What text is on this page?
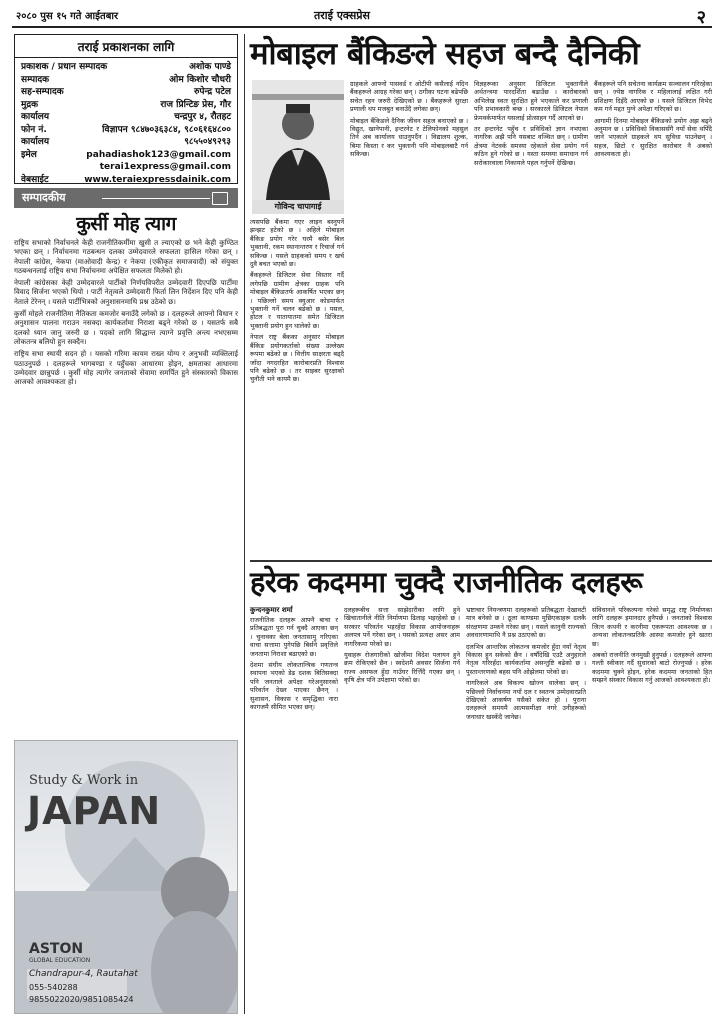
२०८० पुस १५ गते आईतबार	तराई एक्सप्रेस	२
तराई प्रकाशनका लागि
प्रकाशक / प्रधान सम्पादक	अशोक पाण्डे
सम्पादक	ओम किशोर चौधरी
सह-सम्पादक	रुपेन्द्र पटेल
मुद्रक	राज प्रिन्टिङ प्रेस, गौर
कार्यालय	चन्द्रपुर ४, रौतहट
फोन नं.	विज्ञापन ९८४७०३६३८४, ९८०६१६४८००
कार्यालय	९८५५०४९२९३
इमेल	pahadiashok123@gmail.com
terai1express@gmail.com
वेबसाईट	www.teraiexpressdainik.com
सम्पादकीय
कुर्सी मोह त्याग

राष्ट्रिय सभाको निर्वाचनले केही राजनीतिकर्मीमा खुसी त ल्याएको छ भने केही कुण्ठित भएका छन् । निर्वाचनमा गठबन्धन दलका उम्मेदवारले सफलता हासिल गरेका छन् । नेपाली कांग्रेस, नेकपा (माओवादी केन्द्र) र नेकपा (एकीकृत समाजवादी) को संयुक्त गठबन्धनलाई राष्ट्रिय सभा निर्वाचनमा अपेक्षित सफलता मिलेको हो।

नेपाली कांग्रेसका केही उम्मेदवारले पार्टीको निर्णयविपरीत उम्मेदवारी दिएपछि पार्टीमा विवाद सिर्जना भएको थियो । पार्टी नेतृत्वले उम्मेदवारी फिर्ता लिन निर्देशन दिए पनि केही नेताले टेरेनन् । यसले पार्टीभित्रको अनुशासनमाथि प्रश्न उठेको छ।

कुर्सी मोहले राजनीतिमा नैतिकता कमजोर बनाउँदै लगेको छ । दलहरूले आफ्नो विधान र अनुशासन पालना गराउन नसक्दा कार्यकर्तामा निराशा बढ्ने गरेको छ । यसतर्फ सबै दलको ध्यान जानु जरुरी छ । पदको लागि सिद्धान्त त्याग्ने प्रवृत्ति अन्त्य नभएसम्म लोकतन्त्र बलियो हुन सक्दैन।

राष्ट्रिय सभा स्थायी सदन हो । यसको गरिमा कायम राख्न योग्य र अनुभवी व्यक्तिलाई पठाउनुपर्छ । दलहरूले भागबण्डा र पहुँचका आधारमा होइन, क्षमताका आधारमा उम्मेदवार छान्नुपर्छ । कुर्सी मोह त्यागेर जनताको सेवामा समर्पित हुने संस्कारको विकास आजको आवश्यकता हो।

Study & Work in
JAPAN
ASTON
GLOBAL EDUCATION
Chandrapur-4, Rautahat
055-540288
9855022020/9851085424
मोबाइल बैंकिङले सहज बन्दै दैनिकी
गोविन्द चापागाई

त्यसपछि बैंकमा गएर लाइन बस्नुपर्ने झन्झट हटेको छ । अहिले मोबाइल बैंकिङ प्रयोग गरेर घरमै बसेर बिल भुक्तानी, रकम स्थानान्तरण र रिचार्ज गर्न सकिन्छ । यसले ग्राहकको समय र खर्च दुवै बचत भएको छ।

बैंकहरूले डिजिटल सेवा विस्तार गर्दै लगेपछि ग्रामीण क्षेत्रका ग्राहक पनि मोबाइल बैंकिङतर्फ आकर्षित भएका छन् । पछिल्लो समय क्युआर कोडमार्फत भुक्तानी गर्ने चलन बढेको छ । पसल, होटल र यातायातमा समेत डिजिटल भुक्तानी प्रयोग हुन थालेको छ।

नेपाल राष्ट्र बैंकका अनुसार मोबाइल बैंकिङ प्रयोगकर्ताको संख्या उल्लेख्य रूपमा बढेको छ । वित्तीय साक्षरता बढ्दै जाँदा नगदरहित कारोबारप्रति विश्वास पनि बढेको छ । तर साइबर सुरक्षाको चुनौती भने कायमै छ।

ग्राहकले आफ्नो पासवर्ड र ओटीपी कसैलाई नदिन बैंकहरूले आग्रह गरेका छन् । ठगीका घटना बढेपछि सचेत रहन जरुरी देखिएको छ । बैंकहरूले सुरक्षा प्रणाली थप मजबुत बनाउँदै लगेका छन्।

मोबाइल बैंकिङले दैनिक जीवन सहज बनाएको छ । विद्युत, खानेपानी, इन्टरनेट र टेलिफोनको महसुल तिर्न अब कार्यालय धाउनुपर्दैन । विद्यालय शुल्क, बिमा किस्ता र कर भुक्तानी पनि मोबाइलबाटै गर्न सकिन्छ।

विज्ञहरूका अनुसार डिजिटल भुक्तानीले अर्थतन्त्रमा पारदर्शिता बढाउँछ । कारोबारको अभिलेख स्वतः सुरक्षित हुने भएकाले कर प्रणाली पनि प्रभावकारी बन्छ । सरकारले डिजिटल नेपाल फ्रेमवर्कमार्फत यसलाई प्रोत्साहन गर्दै आएको छ।

तर इन्टरनेट पहुँच र प्रविधिको ज्ञान नभएका नागरिक अझै पनि यसबाट वञ्चित छन् । ग्रामीण क्षेत्रमा नेटवर्क समस्या रहेकाले सेवा प्रयोग गर्न कठिन हुने गरेको छ । यस्ता समस्या समाधान गर्न सरोकारवाला निकायले पहल गर्नुपर्ने देखिन्छ।

बैंकहरूले पनि सचेतना कार्यक्रम सञ्चालन गरिरहेका छन् । ज्येष्ठ नागरिक र महिलालाई लक्षित गरी प्रशिक्षण दिइँदै आएको छ । यसले डिजिटल विभेद कम गर्न मद्दत पुग्ने अपेक्षा गरिएको छ।

आगामी दिनमा मोबाइल बैंकिङको प्रयोग अझ बढ्ने अनुमान छ । प्रविधिको विकाससँगै नयाँ सेवा थपिँदै जाने भएकाले ग्राहकले थप सुविधा पाउनेछन् । सहज, छिटो र सुरक्षित कारोबार नै अबको आवश्यकता हो।

हरेक कदममा चुक्दै राजनीतिक दलहरू
कुन्दनकुमार शर्मा

राजनीतिक दलहरू आफ्नै बाचा र प्रतिबद्धता पूरा गर्न चुक्दै आएका छन् । चुनावका बेला जनतासामु गरिएका वाचा सत्तामा पुगेपछि बिर्सने प्रवृत्तिले जनतामा निराशा बढाएको छ।

देशमा संघीय लोकतान्त्रिक गणतन्त्र स्थापना भएको डेढ दशक बितिसक्दा पनि जनताले अपेक्षा गरेअनुसारको परिवर्तन देख्न पाएका छैनन् । सुशासन, विकास र समृद्धिका नारा कागजमै सीमित भएका छन्।

दलहरूबीच सत्ता साझेदारीका लागि हुने खिचातानीले नीति निर्माणमा ढिलाइ भइरहेको छ । सरकार परिवर्तन भइरहँदा विकास आयोजनाहरू अलपत्र पर्ने गरेका छन् । यसको प्रत्यक्ष असर आम नागरिकमा परेको छ।

युवाहरू रोजगारीको खोजीमा विदेश पलायन हुने क्रम रोकिएको छैन । स्वदेशमै अवसर सिर्जना गर्न राज्य असफल हुँदा गाउँघर रित्तिँदै गएका छन् । कृषि क्षेत्र पनि उपेक्षामा परेको छ।

भ्रष्टाचार नियन्त्रणमा दलहरूको प्रतिबद्धता देखावटी मात्र बनेको छ । ठूला काण्डमा मुछिएकाहरू दलकै संरक्षणमा उम्कने गरेका छन् । यसले कानुनी राज्यको अवधारणामाथि नै प्रश्न उठाएको छ।

दलभित्र आन्तरिक लोकतन्त्र कमजोर हुँदा नयाँ नेतृत्व विकास हुन सकेको छैन । वर्षौंदेखि एउटै अनुहारले नेतृत्व गरिरहँदा कार्यकर्तामा असन्तुष्टि बढेको छ । पुस्तान्तरणको बहस पनि ओझेलमा परेको छ।

नागरिकले अब विकल्प खोज्न थालेका छन् । पछिल्लो निर्वाचनमा नयाँ दल र स्वतन्त्र उम्मेदवारप्रति देखिएको आकर्षण यसैको संकेत हो । पुराना दलहरूले समयमै आत्मसमीक्षा नगरे उनीहरूको जनाधार खस्कँदै जानेछ।

संविधानले परिकल्पना गरेको समृद्ध राष्ट्र निर्माणका लागि दलहरू इमानदार हुनैपर्छ । जनताको विश्वास जित्न कथनी र करनीमा एकरूपता आवश्यक छ । अन्यथा लोकतन्त्रप्रतिकै आस्था कमजोर हुने खतरा छ।

अबको राजनीति जनमुखी हुनुपर्छ । दलहरूले आफ्ना गल्ती स्वीकार गर्दै सुधारको बाटो रोज्नुपर्छ । हरेक कदममा चुक्ने होइन, हरेक कदममा जनताको हित सम्झने संस्कार विकास गर्नु आजको आवश्यकता हो।
